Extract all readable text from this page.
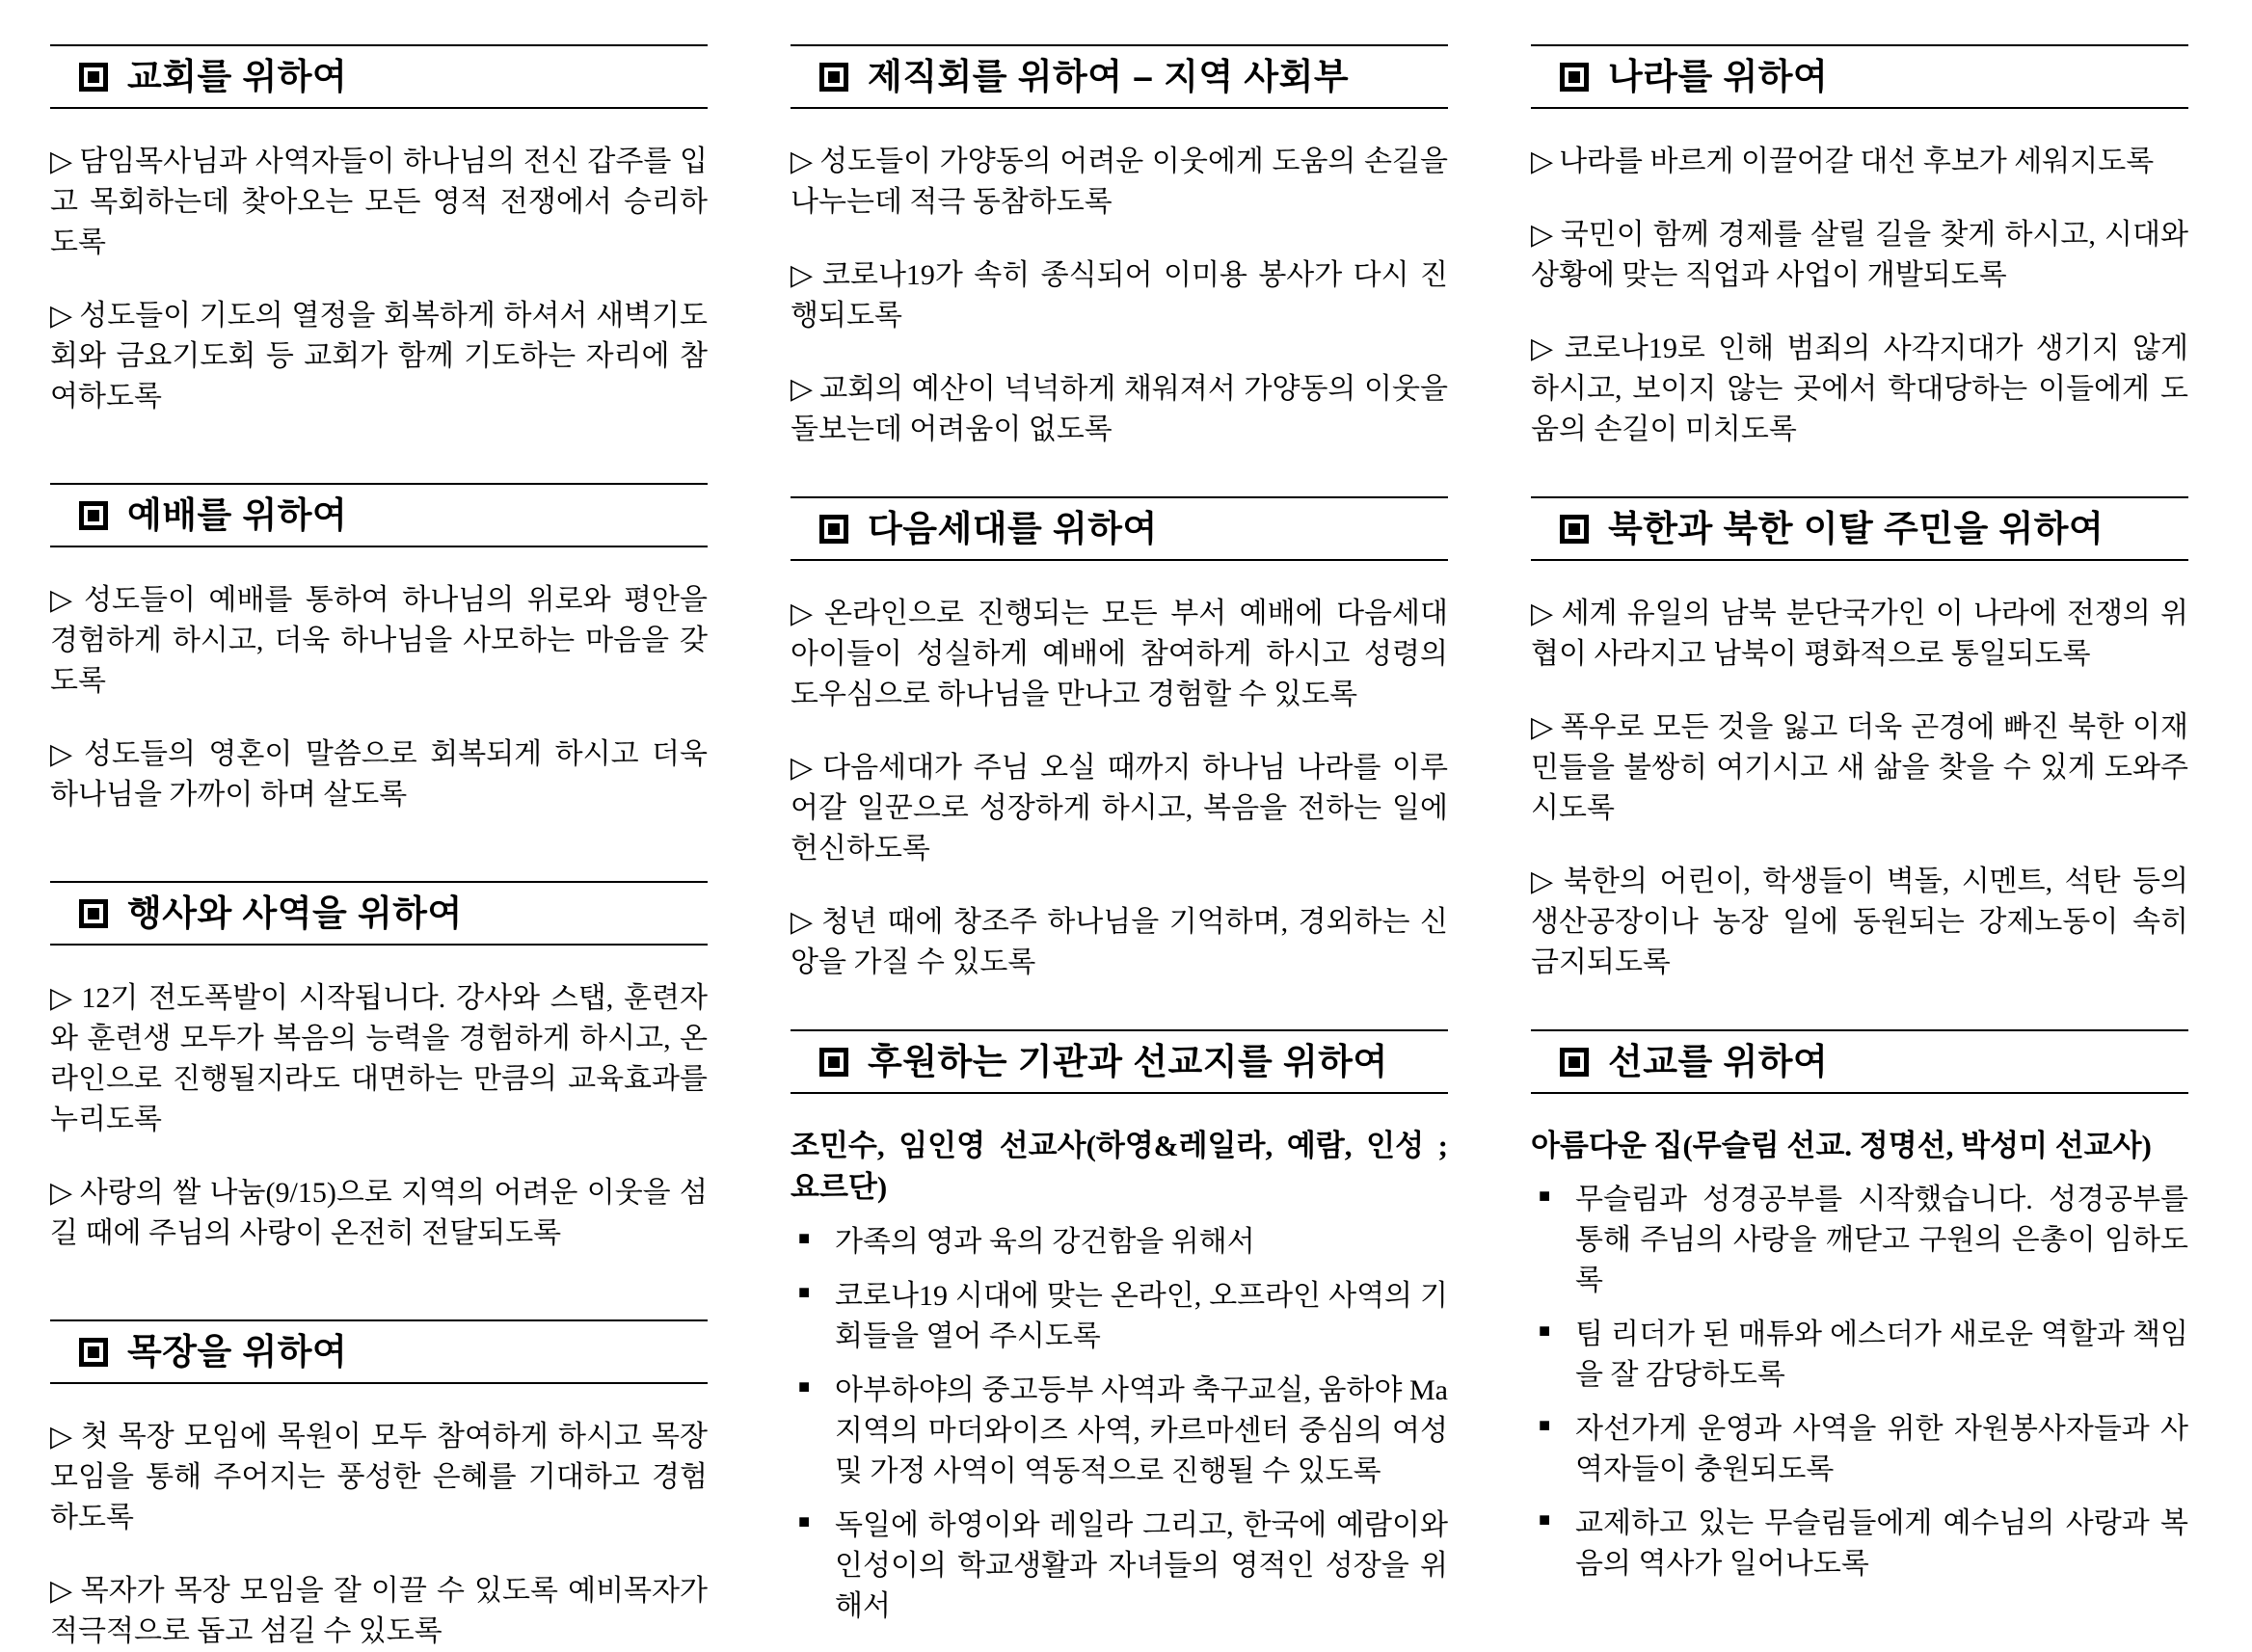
교회를 위하여

▷ 담임목사님과 사역자들이 하나님의 전신 갑주를 입고 목회하는데 찾아오는 모든 영적 전쟁에서 승리하도록

▷ 성도들이 기도의 열정을 회복하게 하셔서 새벽기도회와 금요기도회 등 교회가 함께 기도하는 자리에 참여하도록

예배를 위하여

▷ 성도들이 예배를 통하여 하나님의 위로와 평안을 경험하게 하시고, 더욱 하나님을 사모하는 마음을 갖도록

▷ 성도들의 영혼이 말씀으로 회복되게 하시고 더욱 하나님을 가까이 하며 살도록

행사와 사역을 위하여

▷ 12기 전도폭발이 시작됩니다. 강사와 스탭, 훈련자와 훈련생 모두가 복음의 능력을 경험하게 하시고, 온라인으로 진행될지라도 대면하는 만큼의 교육효과를 누리도록

▷ 사랑의 쌀 나눔(9/15)으로 지역의 어려운 이웃을 섬길 때에 주님의 사랑이 온전히 전달되도록

목장을 위하여

▷ 첫 목장 모임에 목원이 모두 참여하게 하시고 목장 모임을 통해 주어지는 풍성한 은혜를 기대하고 경험하도록

▷ 목자가 목장 모임을 잘 이끌 수 있도록 예비목자가 적극적으로 돕고 섬길 수 있도록

제직회를 위하여 – 지역 사회부

▷ 성도들이 가양동의 어려운 이웃에게 도움의 손길을 나누는데 적극 동참하도록

▷ 코로나19가 속히 종식되어 이미용 봉사가 다시 진행되도록

▷ 교회의 예산이 넉넉하게 채워져서 가양동의 이웃을 돌보는데 어려움이 없도록

다음세대를 위하여

▷ 온라인으로 진행되는 모든 부서 예배에 다음세대 아이들이 성실하게 예배에 참여하게 하시고 성령의 도우심으로 하나님을 만나고 경험할 수 있도록

▷ 다음세대가 주님 오실 때까지 하나님 나라를 이루어갈 일꾼으로 성장하게 하시고, 복음을 전하는 일에 헌신하도록

▷ 청년 때에 창조주 하나님을 기억하며, 경외하는 신앙을 가질 수 있도록

후원하는 기관과 선교지를 위하여

조민수, 임인영 선교사(하영&레일라, 예람, 인성 ; 요르단)

■ 가족의 영과 육의 강건함을 위해서
■ 코로나19 시대에 맞는 온라인, 오프라인 사역의 기회들을 열어 주시도록
■ 아부하야의 중고등부 사역과 축구교실, 움하야 Ma지역의 마더와이즈 사역, 카르마센터 중심의 여성 및 가정 사역이 역동적으로 진행될 수 있도록
■ 독일에 하영이와 레일라 그리고, 한국에 예람이와 인성이의 학교생활과 자녀들의 영적인 성장을 위해서
나라를 위하여

▷ 나라를 바르게 이끌어갈 대선 후보가 세워지도록

▷ 국민이 함께 경제를 살릴 길을 찾게 하시고, 시대와 상황에 맞는 직업과 사업이 개발되도록

▷ 코로나19로 인해 범죄의 사각지대가 생기지 않게 하시고, 보이지 않는 곳에서 학대당하는 이들에게 도움의 손길이 미치도록

북한과 북한 이탈 주민을 위하여

▷ 세계 유일의 남북 분단국가인 이 나라에 전쟁의 위협이 사라지고 남북이 평화적으로 통일되도록

▷ 폭우로 모든 것을 잃고 더욱 곤경에 빠진 북한 이재민들을 불쌍히 여기시고 새 삶을 찾을 수 있게 도와주시도록

▷ 북한의 어린이, 학생들이 벽돌, 시멘트, 석탄 등의 생산공장이나 농장 일에 동원되는 강제노동이 속히 금지되도록

선교를 위하여

아름다운 집(무슬림 선교. 정명선, 박성미 선교사)

■ 무슬림과 성경공부를 시작했습니다. 성경공부를 통해 주님의 사랑을 깨닫고 구원의 은총이 임하도록
■ 팀 리더가 된 매튜와 에스더가 새로운 역할과 책임을 잘 감당하도록
■ 자선가게 운영과 사역을 위한 자원봉사자들과 사역자들이 충원되도록
■ 교제하고 있는 무슬림들에게 예수님의 사랑과 복음의 역사가 일어나도록
